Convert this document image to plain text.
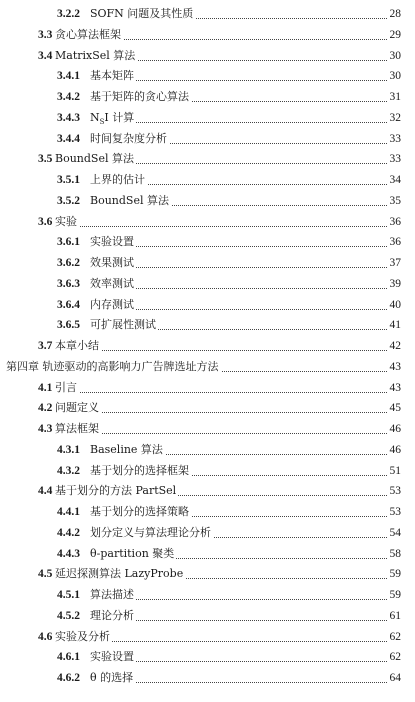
3.2.2 SOFN 问题及其性质	28
3.3 贪心算法框架	29
3.4 MatrixSel 算法	30
3.4.1 基本矩阵	30
3.4.2 基于矩阵的贪心算法	31
3.4.3 $N_SI$ 计算	32
3.4.4 时间复杂度分析	33
3.5 BoundSel 算法	33
3.5.1 上界的估计	34
3.5.2 BoundSel 算法	35
3.6 实验	36
3.6.1 实验设置	36
3.6.2 效果测试	37
3.6.3 效率测试	39
3.6.4 内存测试	40
3.6.5 可扩展性测试	41
3.7 本章小结	42
第四章 轨迹驱动的高影响力广告牌选址方法	43
4.1 引言	43
4.2 问题定义	45
4.3 算法框架	46
4.3.1 Baseline 算法	46
4.3.2 基于划分的选择框架	51
4.4 基于划分的方法 PartSel	53
4.4.1 基于划分的选择策略	53
4.4.2 划分定义与算法理论分析	54
4.4.3 θ-partition 聚类	58
4.5 延迟探测算法 LazyProbe	59
4.5.1 算法描述	59
4.5.2 理论分析	61
4.6 实验及分析	62
4.6.1 实验设置	62
4.6.2 θ 的选择	64
